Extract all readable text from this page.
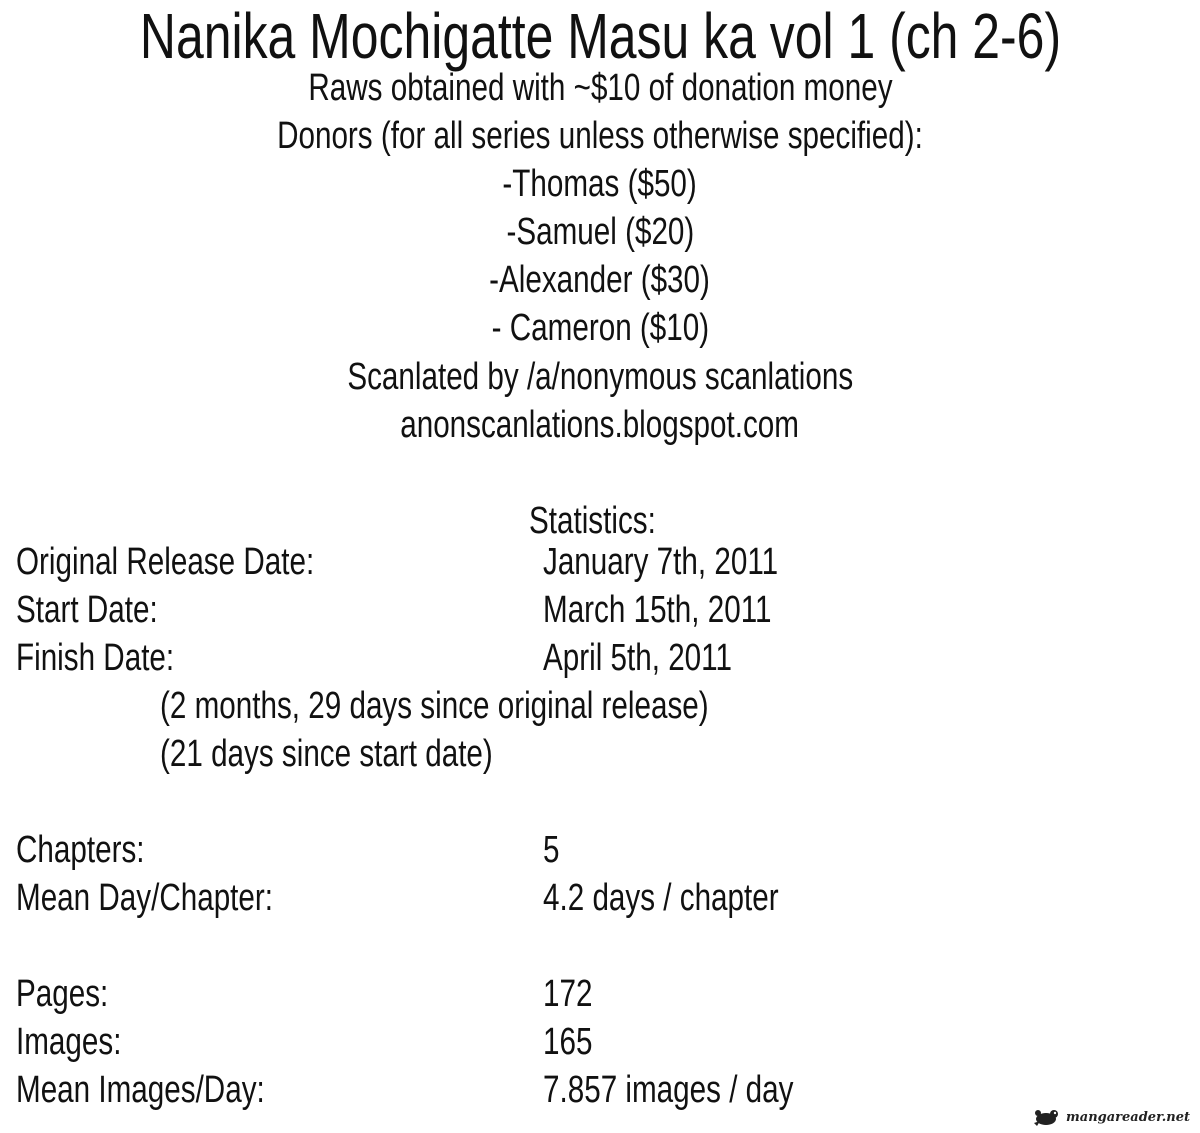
Nanika Mochigatte Masu ka vol 1 (ch 2-6)
Raws obtained with ~$10 of donation money
Donors (for all series unless otherwise specified):
-Thomas ($50)
-Samuel ($20)
-Alexander ($30)
- Cameron ($10)
Scanlated by /a/nonymous scanlations
anonscanlations.blogspot.com
Statistics:
Original Release Date:	January 7th, 2011
Start Date:	March 15th, 2011
Finish Date:	April 5th, 2011
(2 months, 29 days since original release)
(21 days since start date)
Chapters:	5
Mean Day/Chapter:	4.2 days / chapter
Pages:	172
Images:	165
Mean Images/Day:	7.857 images / day
mangareader.net
